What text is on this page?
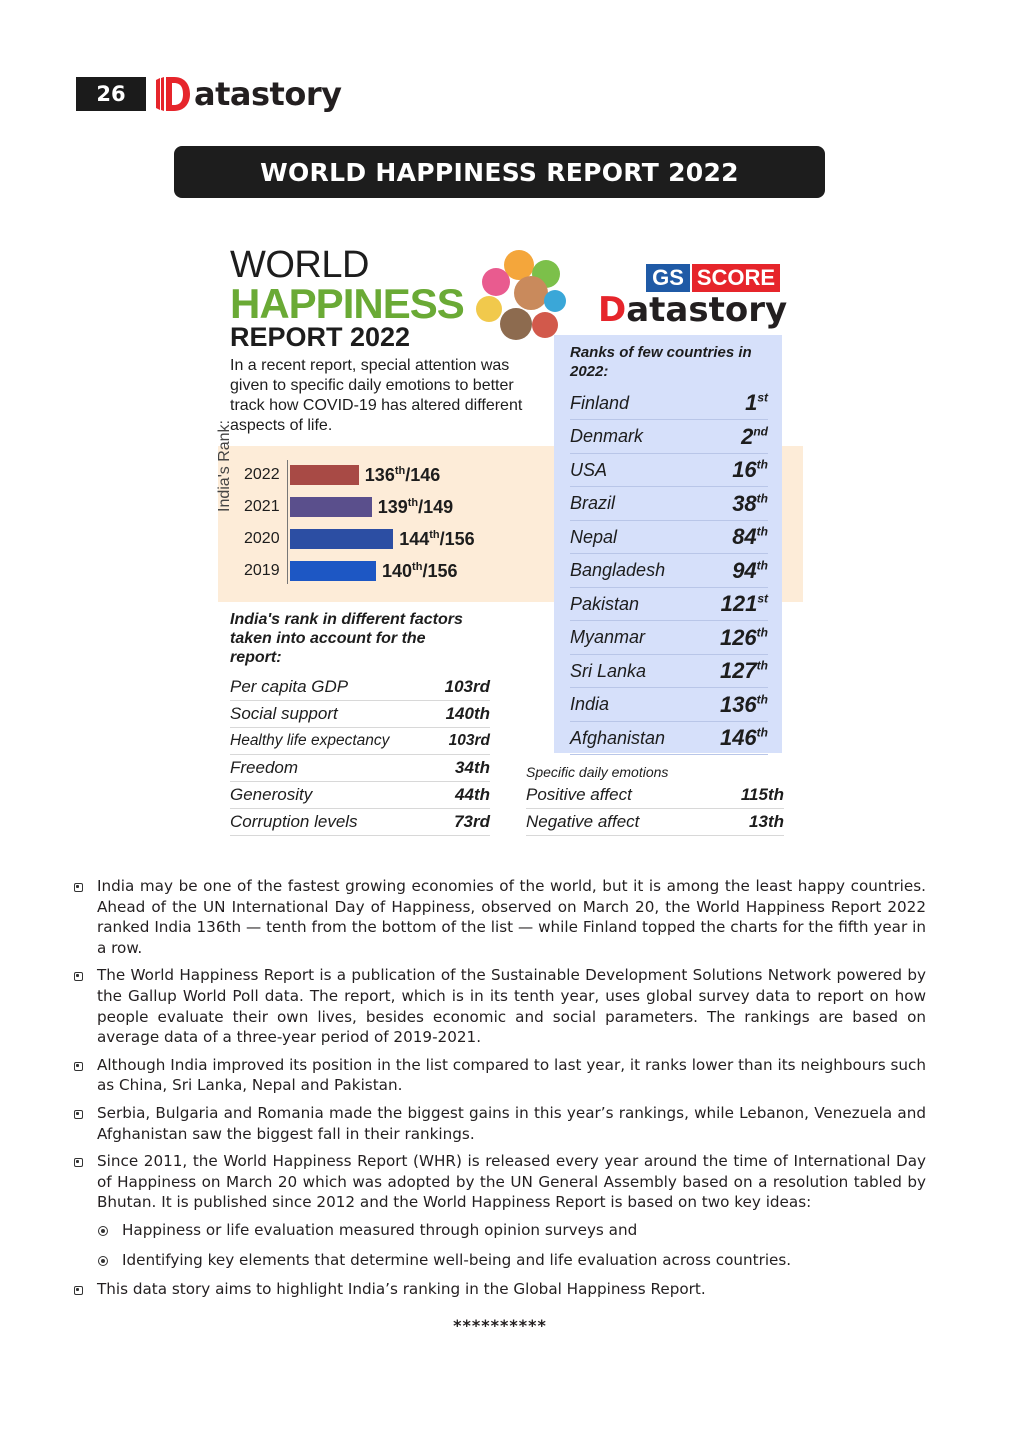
26	atastory
WORLD HAPPINESS REPORT 2022
WORLD
HAPPINESS
REPORT 2022
In a recent report, special attention was given to specific daily emotions to better track how COVID-19 has altered different aspects of life.
GS SCORE
Datastory
India's Rank: 2022	136th/146
2021	139th/149
2020	144th/156
2019	140th/156
India's rank in different factors taken into account for the report:
Per capita GDP	103rd
Social support	140th
Healthy life expectancy	103rd
Freedom	34th
Generosity	44th
Corruption levels	73rd
Ranks of few countries in 2022:
Finland	1st
Denmark	2nd
USA	16th
Brazil	38th
Nepal	84th
Bangladesh	94th
Pakistan	121st
Myanmar	126th
Sri Lanka	127th
India	136th
Afghanistan 146th
Specific daily emotions
Positive affect	115th
Negative affect	13th
India may be one of the fastest growing economies of the world, but it is among the least happy countries. Ahead of the UN International Day of Happiness, observed on March 20, the World Happiness Report 2022 ranked India 136th — tenth from the bottom of the list — while Finland topped the charts for the fifth year in a row.
The World Happiness Report is a publication of the Sustainable Development Solutions Network powered by the Gallup World Poll data. The report, which is in its tenth year, uses global survey data to report on how people evaluate their own lives, besides economic and social parameters. The rankings are based on average data of a three-year period of 2019-2021.
Although India improved its position in the list compared to last year, it ranks lower than its neighbours such as China, Sri Lanka, Nepal and Pakistan.
Serbia, Bulgaria and Romania made the biggest gains in this year’s rankings, while Lebanon, Venezuela and Afghanistan saw the biggest fall in their rankings.
Since 2011, the World Happiness Report (WHR) is released every year around the time of International Day of Happiness on March 20 which was adopted by the UN General Assembly based on a resolution tabled by Bhutan. It is published since 2012 and the World Happiness Report is based on two key ideas:
Happiness or life evaluation measured through opinion surveys and
Identifying key elements that determine well-being and life evaluation across countries.
This data story aims to highlight India’s ranking in the Global Happiness Report.
**********
